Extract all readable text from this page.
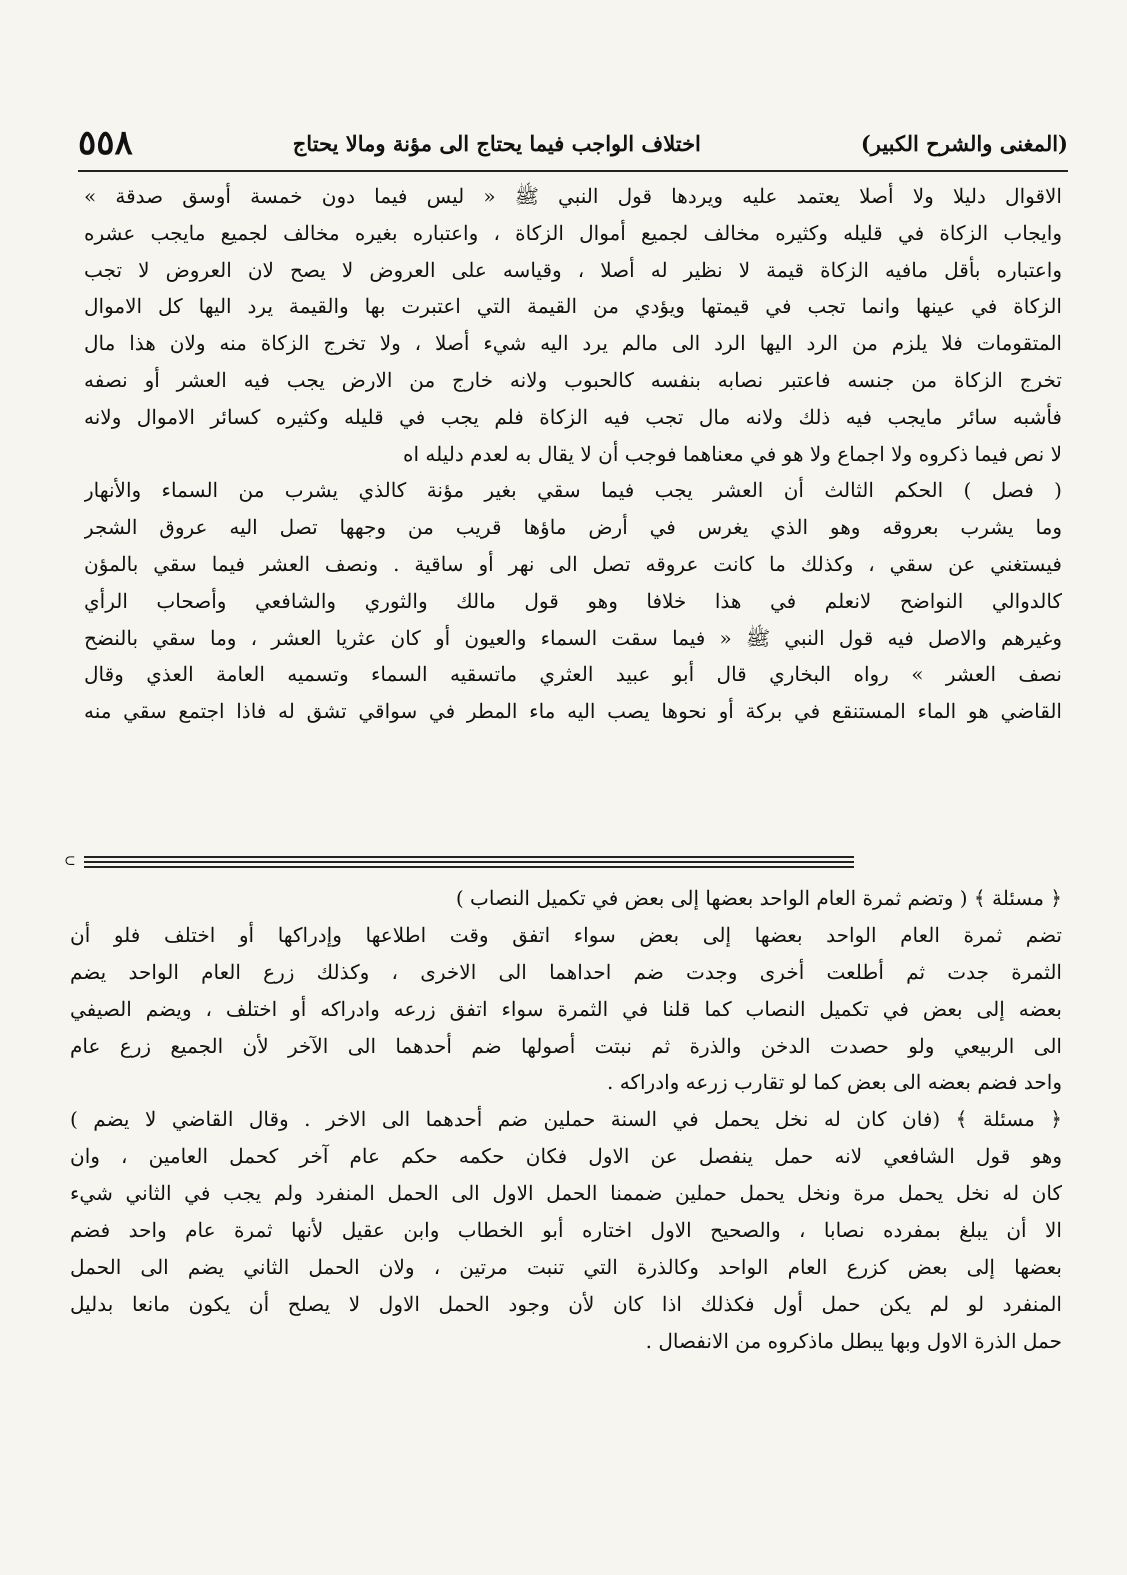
٥٥٨	اختلاف الواجب فيما يحتاج الى مؤنة ومالا يحتاج	(المغنى والشرح الكبير)
الاقوال دليلا ولا أصلا يعتمد عليه ويردها قول النبي ﷺ « ليس فيما دون خمسة أوسق صدقة »
وايجاب الزكاة في قليله وكثيره مخالف لجميع أموال الزكاة ، واعتباره بغيره مخالف لجميع مايجب عشره
واعتباره بأقل مافيه الزكاة قيمة لا نظير له أصلا ، وقياسه على العروض لا يصح لان العروض لا تجب
الزكاة في عينها وانما تجب في قيمتها ويؤدي من القيمة التي اعتبرت بها والقيمة يرد اليها كل الاموال
المتقومات فلا يلزم من الرد اليها الرد الى مالم يرد اليه شيء أصلا ، ولا تخرج الزكاة منه ولان هذا مال
تخرج الزكاة من جنسه فاعتبر نصابه بنفسه كالحبوب ولانه خارج من الارض يجب فيه العشر أو نصفه
فأشبه سائر مايجب فيه ذلك ولانه مال تجب فيه الزكاة فلم يجب في قليله وكثيره كسائر الاموال ولانه
لا نص فيما ذكروه ولا اجماع ولا هو في معناهما فوجب أن لا يقال به لعدم دليله اه
( فصل ) الحكم الثالث أن العشر يجب فيما سقي بغير مؤنة كالذي يشرب من السماء والأنهار
وما يشرب بعروقه وهو الذي يغرس في أرض ماؤها قريب من وجهها تصل اليه عروق الشجر
فيستغني عن سقي ، وكذلك ما كانت عروقه تصل الى نهر أو ساقية . ونصف العشر فيما سقي بالمؤن
كالدوالي النواضح لانعلم في هذا خلافا وهو قول مالك والثوري والشافعي وأصحاب الرأي
وغيرهم والاصل فيه قول النبي ﷺ « فيما سقت السماء والعيون أو كان عثريا العشر ، وما سقي بالنضح
نصف العشر » رواه البخاري قال أبو عبيد العثري ماتسقيه السماء وتسميه العامة العذي وقال
القاضي هو الماء المستنقع في بركة أو نحوها يصب اليه ماء المطر في سواقي تشق له فاذا اجتمع سقي منه
⊂
﴿ مسئلة ﴾ ( وتضم ثمرة العام الواحد بعضها إلى بعض في تكميل النصاب )
تضم ثمرة العام الواحد بعضها إلى بعض سواء اتفق وقت اطلاعها وإدراكها أو اختلف فلو أن
الثمرة جدت ثم أطلعت أخرى وجدت ضم احداهما الى الاخرى ، وكذلك زرع العام الواحد يضم
بعضه إلى بعض في تكميل النصاب كما قلنا في الثمرة سواء اتفق زرعه وادراكه أو اختلف ، ويضم الصيفي
الى الربيعي ولو حصدت الدخن والذرة ثم نبتت أصولها ضم أحدهما الى الآخر لأن الجميع زرع عام
واحد فضم بعضه الى بعض كما لو تقارب زرعه وادراكه .
﴿ مسئلة ﴾ (فان كان له نخل يحمل في السنة حملين ضم أحدهما الى الاخر . وقال القاضي لا يضم )
وهو قول الشافعي لانه حمل ينفصل عن الاول فكان حكمه حكم عام آخر كحمل العامين ، وان
كان له نخل يحمل مرة ونخل يحمل حملين ضممنا الحمل الاول الى الحمل المنفرد ولم يجب في الثاني شيء
الا أن يبلغ بمفرده نصابا ، والصحيح الاول اختاره أبو الخطاب وابن عقيل لأنها ثمرة عام واحد فضم
بعضها إلى بعض كزرع العام الواحد وكالذرة التي تنبت مرتين ، ولان الحمل الثاني يضم الى الحمل
المنفرد لو لم يكن حمل أول فكذلك اذا كان لأن وجود الحمل الاول لا يصلح أن يكون مانعا بدليل
حمل الذرة الاول وبها يبطل ماذكروه من الانفصال .
